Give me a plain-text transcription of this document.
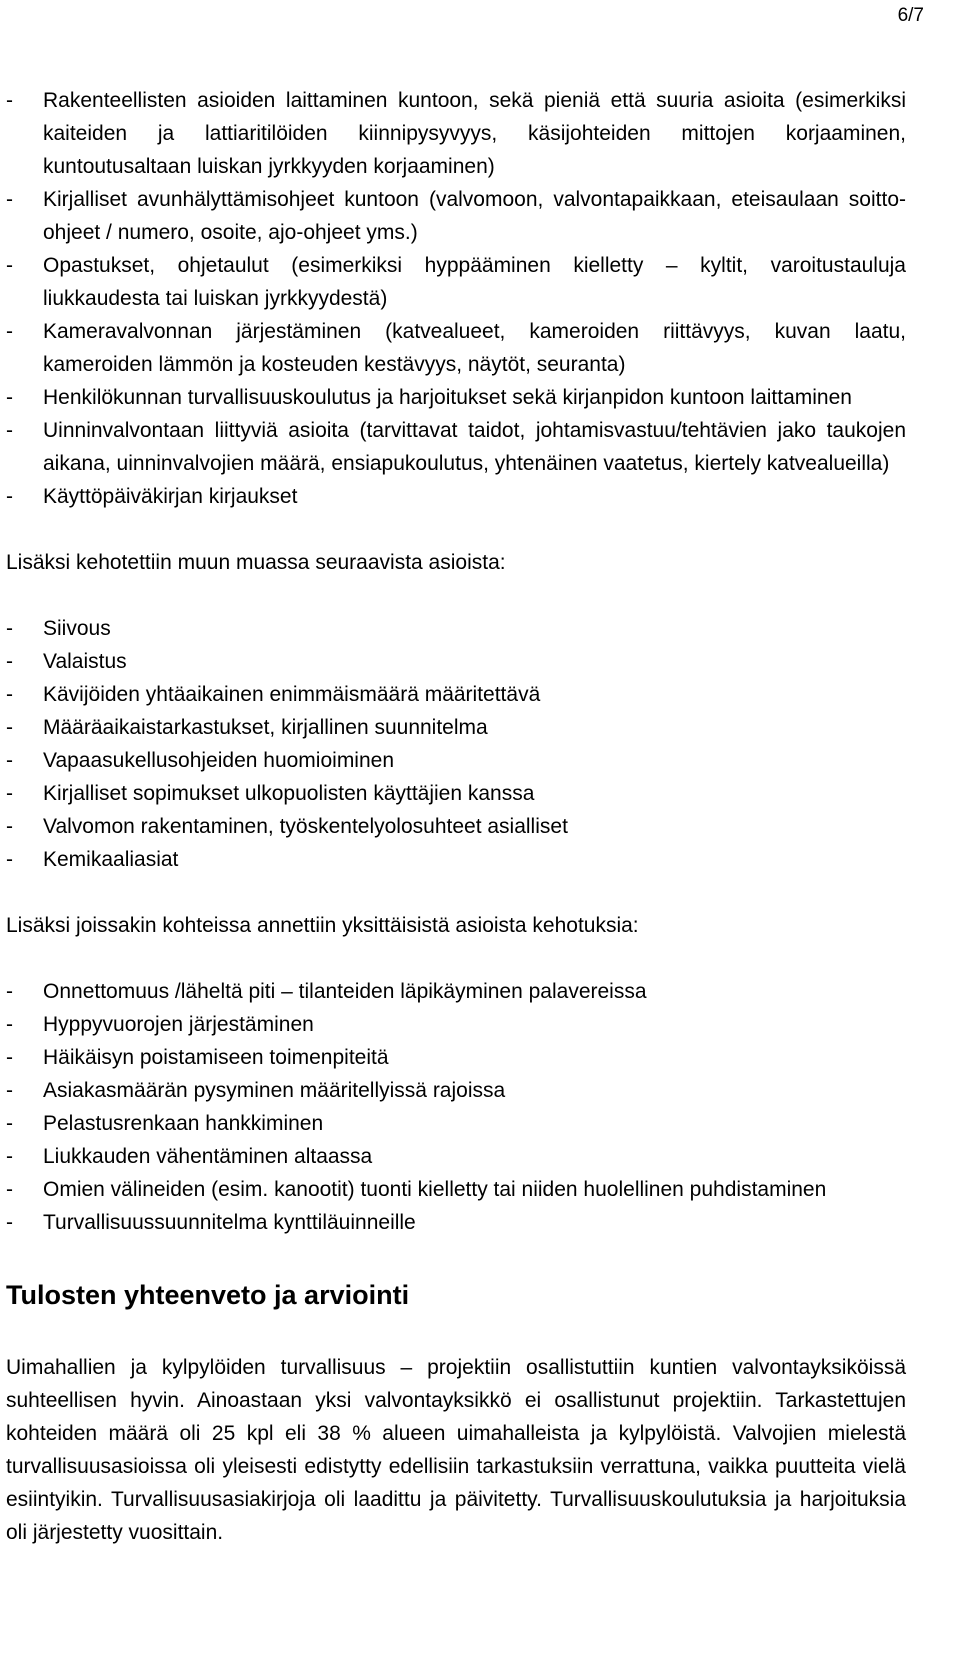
6/7
- Rakenteellisten asioiden laittaminen kuntoon, sekä pieniä että suuria asioita (esimerkiksi kaiteiden ja lattiaritilöiden kiinnipysyvyys, käsijohteiden mittojen korjaaminen, kuntoutusaltaan luiskan jyrkkyyden korjaaminen)
- Kirjalliset avunhälyttämisohjeet kuntoon (valvomoon, valvontapaikkaan, eteisaulaan soitto-ohjeet / numero, osoite, ajo-ohjeet yms.)
- Opastukset, ohjetaulut (esimerkiksi hyppääminen kielletty – kyltit, varoitustauluja liukkaudesta tai luiskan jyrkkyydestä)
- Kameravalvonnan järjestäminen (katvealueet, kameroiden riittävyys, kuvan laatu, kameroiden lämmön ja kosteuden kestävyys, näytöt, seuranta)
- Henkilökunnan turvallisuuskoulutus ja harjoitukset sekä kirjanpidon kuntoon laittaminen
- Uinninvalvontaan liittyviä asioita (tarvittavat taidot, johtamisvastuu/tehtävien jako taukojen aikana, uinninvalvojien määrä, ensiapukoulutus, yhtenäinen vaatetus, kiertely katvealueilla)
- Käyttöpäiväkirjan kirjaukset

Lisäksi kehotettiin muun muassa seuraavista asioista:

- Siivous
- Valaistus
- Kävijöiden yhtäaikainen enimmäismäärä määritettävä
- Määräaikaistarkastukset, kirjallinen suunnitelma
- Vapaasukellusohjeiden huomioiminen
- Kirjalliset sopimukset ulkopuolisten käyttäjien kanssa
- Valvomon rakentaminen, työskentelyolosuhteet asialliset
- Kemikaaliasiat

Lisäksi joissakin kohteissa annettiin yksittäisistä asioista kehotuksia:

- Onnettomuus /läheltä piti – tilanteiden läpikäyminen palavereissa
- Hyppyvuorojen järjestäminen
- Häikäisyn poistamiseen toimenpiteitä
- Asiakasmäärän pysyminen määritellyissä rajoissa
- Pelastusrenkaan hankkiminen
- Liukkauden vähentäminen altaassa
- Omien välineiden (esim. kanootit) tuonti kielletty tai niiden huolellinen puhdistaminen
- Turvallisuussuunnitelma kynttiläuinneille
Tulosten yhteenveto ja arviointi

Uimahallien ja kylpylöiden turvallisuus – projektiin osallistuttiin kuntien valvontayksiköissä suhteellisen hyvin. Ainoastaan yksi valvontayksikkö ei osallistunut projektiin. Tarkastettujen kohteiden määrä oli 25 kpl eli 38 % alueen uimahalleista ja kylpylöistä. Valvojien mielestä turvallisuusasioissa oli yleisesti edistytty edellisiin tarkastuksiin verrattuna, vaikka puutteita vielä esiintyikin. Turvallisuusasiakirjoja oli laadittu ja päivitetty. Turvallisuuskoulutuksia ja harjoituksia oli järjestetty vuosittain.
